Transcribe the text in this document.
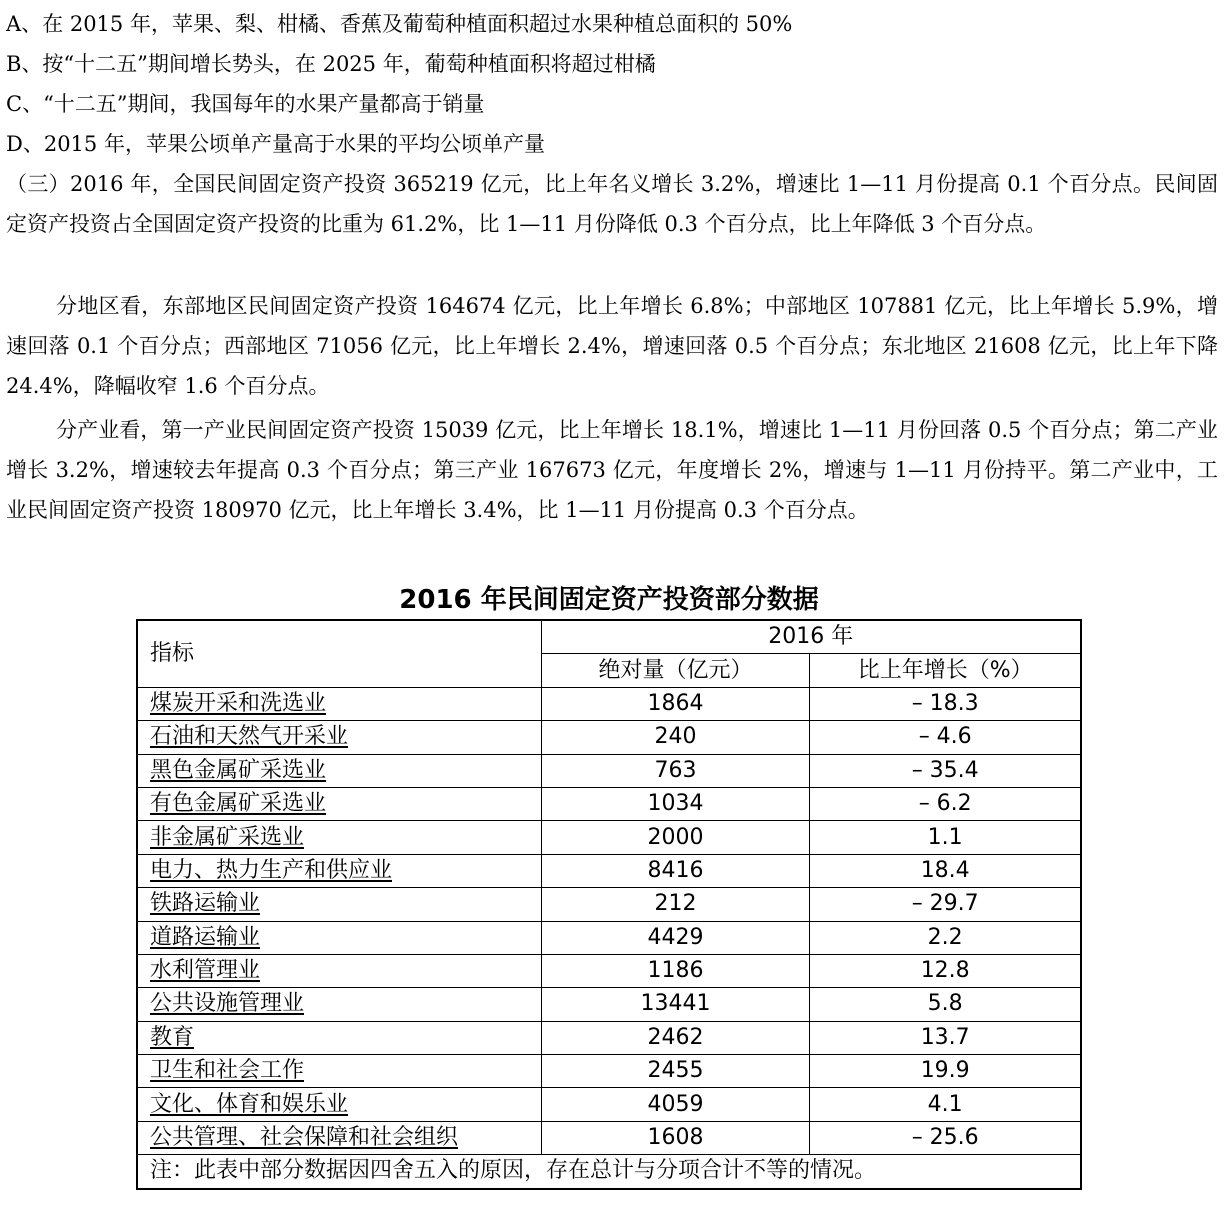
A、在 2015 年，苹果、梨、柑橘、香蕉及葡萄种植面积超过水果种植总面积的 50%
B、按“十二五”期间增长势头，在 2025 年，葡萄种植面积将超过柑橘
C、“十二五”期间，我国每年的水果产量都高于销量
D、2015 年，苹果公顷单产量高于水果的平均公顷单产量
（三）2016 年，全国民间固定资产投资 365219 亿元，比上年名义增长 3.2%，增速比 1—11 月份提高 0.1 个百分点。民间固定资产投资占全国固定资产投资的比重为 61.2%，比 1—11 月份降低 0.3 个百分点，比上年降低 3 个百分点。
分地区看，东部地区民间固定资产投资 164674 亿元，比上年增长 6.8%；中部地区 107881 亿元，比上年增长 5.9%，增速回落 0.1 个百分点；西部地区 71056 亿元，比上年增长 2.4%，增速回落 0.5 个百分点；东北地区 21608 亿元，比上年下降 24.4%，降幅收窄 1.6 个百分点。
分产业看，第一产业民间固定资产投资 15039 亿元，比上年增长 18.1%，增速比 1—11 月份回落 0.5 个百分点；第二产业增长 3.2%，增速较去年提高 0.3 个百分点；第三产业 167673 亿元，年度增长 2%，增速与 1—11 月份持平。第二产业中，工业民间固定资产投资 180970 亿元，比上年增长 3.4%，比 1—11 月份提高 0.3 个百分点。
2016 年民间固定资产投资部分数据
指标	2016 年	
	绝对量（亿元）	比上年增长（%）
煤炭开采和洗选业	1864	– 18.3
石油和天然气开采业	240	– 4.6
黑色金属矿采选业	763	– 35.4
有色金属矿采选业	1034	– 6.2
非金属矿采选业	2000	1.1
电力、热力生产和供应业	8416	18.4
铁路运输业	212	– 29.7
道路运输业	4429	2.2
水利管理业	1186	12.8
公共设施管理业	13441	5.8
教育	2462	13.7
卫生和社会工作	2455	19.9
文化、体育和娱乐业	4059	4.1
公共管理、社会保障和社会组织	1608	– 25.6
注：此表中部分数据因四舍五入的原因，存在总计与分项合计不等的情况。		
